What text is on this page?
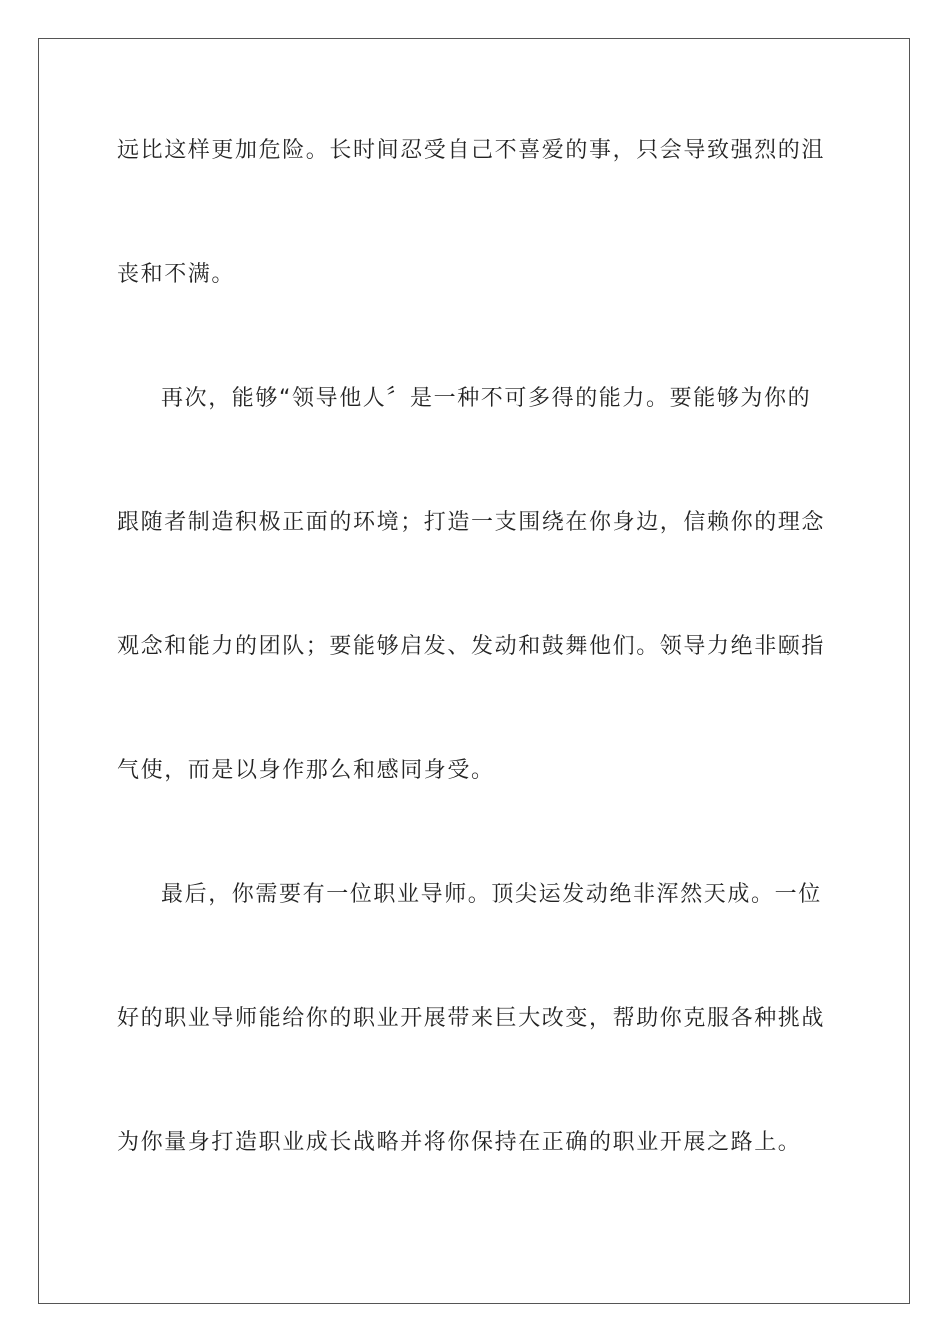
远比这样更加危险。长时间忍受自己不喜爱的事，只会导致强烈的沮
丧和不满。
再次，能够“领导他人〞是一种不可多得的能力。要能够为你的
跟随者制造积极正面的环境；打造一支围绕在你身边，信赖你的理念
观念和能力的团队；要能够启发、发动和鼓舞他们。领导力绝非颐指
气使，而是以身作那么和感同身受。
最后，你需要有一位职业导师。顶尖运发动绝非浑然天成。一位
好的职业导师能给你的职业开展带来巨大改变，帮助你克服各种挑战
为你量身打造职业成长战略并将你保持在正确的职业开展之路上。
